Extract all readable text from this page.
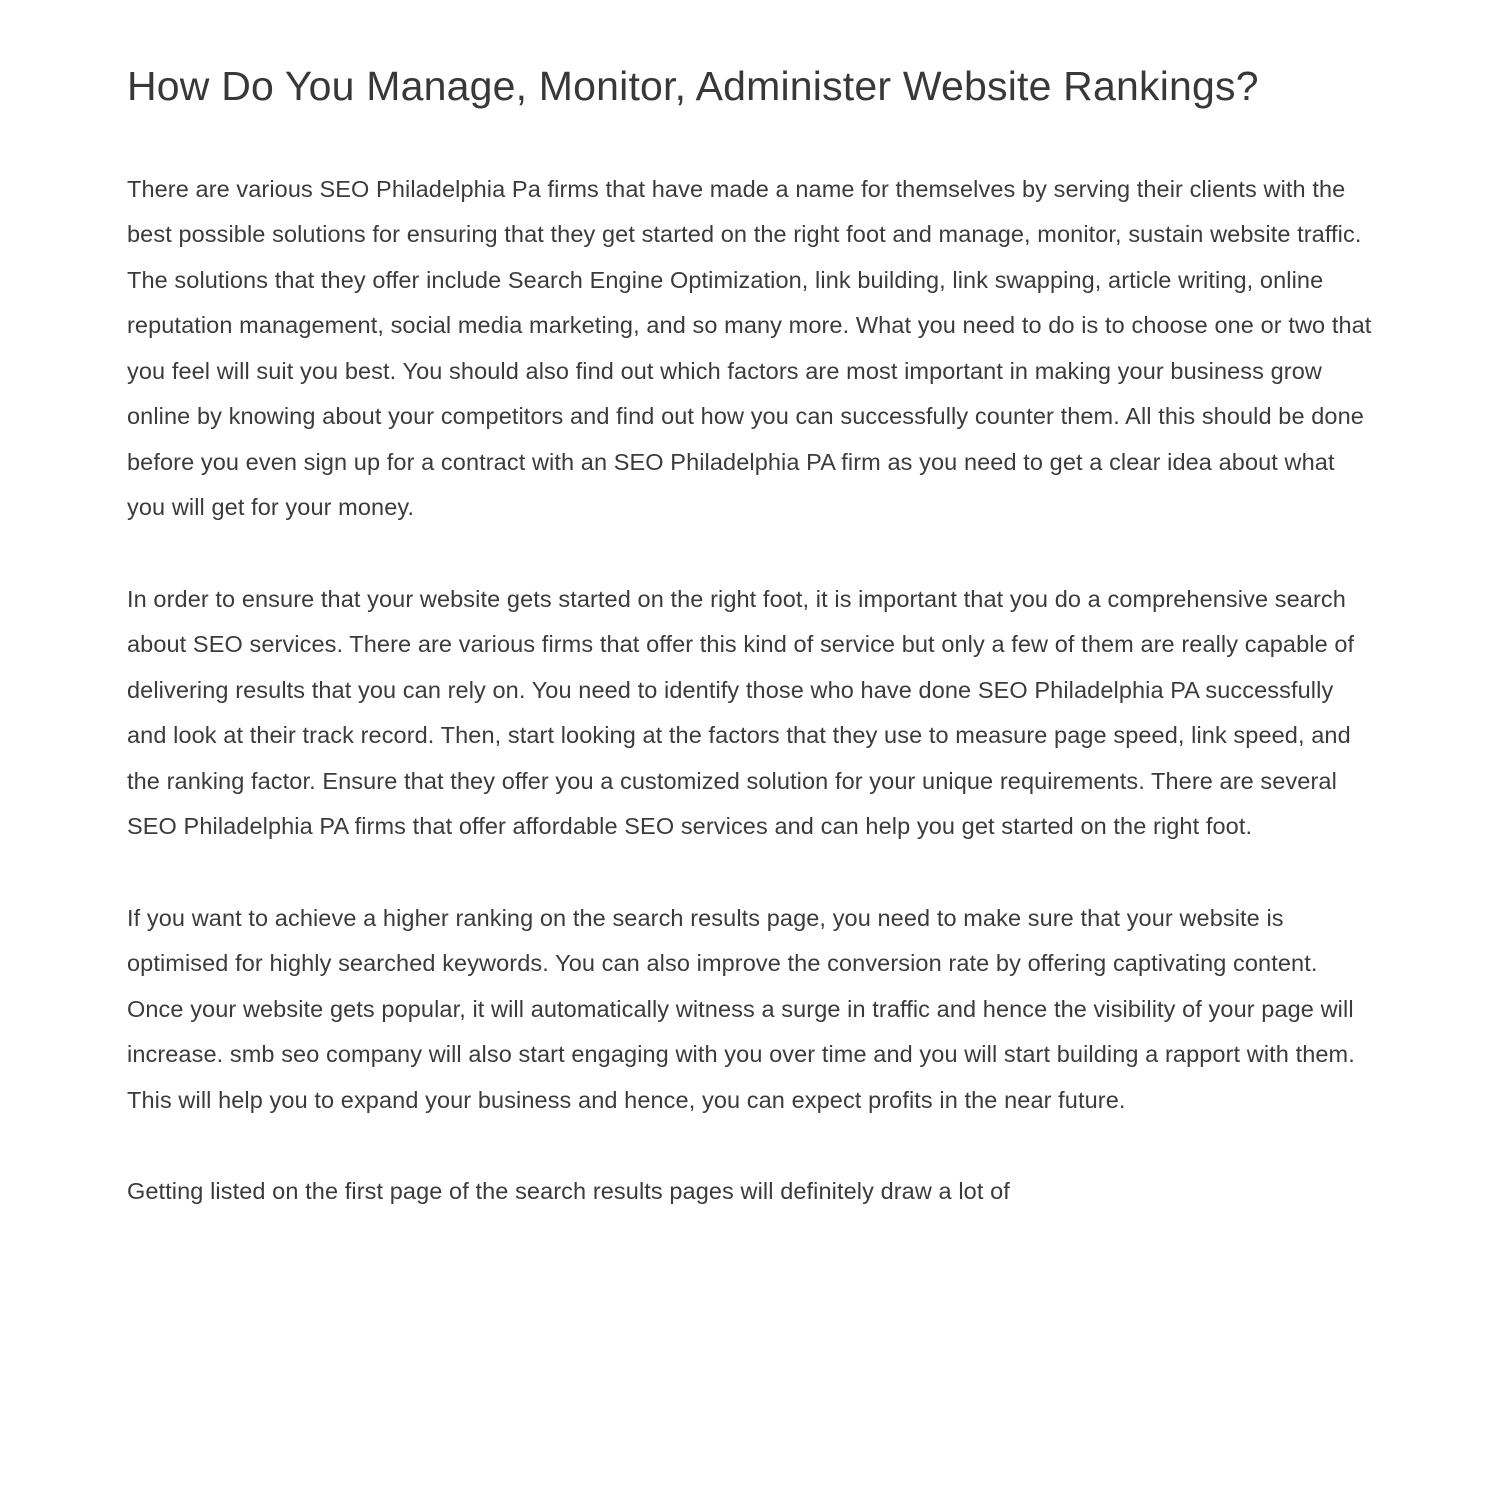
How Do You Manage, Monitor, Administer Website Rankings?

There are various SEO Philadelphia Pa firms that have made a name for themselves by serving their clients with the best possible solutions for ensuring that they get started on the right foot and manage, monitor, sustain website traffic. The solutions that they offer include Search Engine Optimization, link building, link swapping, article writing, online reputation management, social media marketing, and so many more. What you need to do is to choose one or two that you feel will suit you best. You should also find out which factors are most important in making your business grow online by knowing about your competitors and find out how you can successfully counter them. All this should be done before you even sign up for a contract with an SEO Philadelphia PA firm as you need to get a clear idea about what you will get for your money.

In order to ensure that your website gets started on the right foot, it is important that you do a comprehensive search about SEO services. There are various firms that offer this kind of service but only a few of them are really capable of delivering results that you can rely on. You need to identify those who have done SEO Philadelphia PA successfully and look at their track record. Then, start looking at the factors that they use to measure page speed, link speed, and the ranking factor. Ensure that they offer you a customized solution for your unique requirements. There are several SEO Philadelphia PA firms that offer affordable SEO services and can help you get started on the right foot.

If you want to achieve a higher ranking on the search results page, you need to make sure that your website is optimised for highly searched keywords. You can also improve the conversion rate by offering captivating content. Once your website gets popular, it will automatically witness a surge in traffic and hence the visibility of your page will increase. smb seo company will also start engaging with you over time and you will start building a rapport with them. This will help you to expand your business and hence, you can expect profits in the near future.

Getting listed on the first page of the search results pages will definitely draw a lot of
